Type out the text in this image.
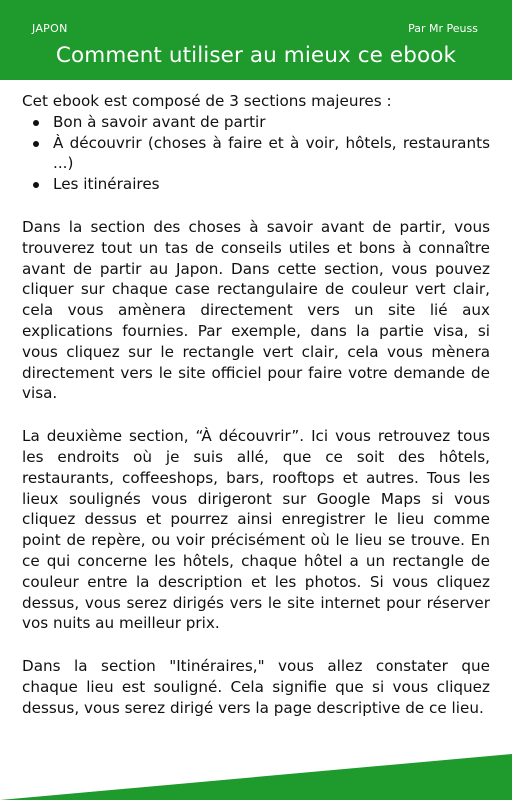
JAPON	Par Mr Peuss
Comment utiliser au mieux ce ebook

Cet ebook est composé de 3 sections majeures :

Bon à savoir avant de partir
À découvrir (choses à faire et à voir, hôtels, restaurants ...)
Les itinéraires

Dans la section des choses à savoir avant de partir, vous trouverez tout un tas de conseils utiles et bons à connaître avant de partir au Japon. Dans cette section, vous pouvez cliquer sur chaque case rectangulaire de couleur vert clair, cela vous amènera directement vers un site lié aux explications fournies. Par exemple, dans la partie visa, si vous cliquez sur le rectangle vert clair, cela vous mènera directement vers le site officiel pour faire votre demande de visa.

La deuxième section, “À découvrir”. Ici vous retrouvez tous les endroits où je suis allé, que ce soit des hôtels, restaurants, coffeeshops, bars, rooftops et autres. Tous les lieux soulignés vous dirigeront sur Google Maps si vous cliquez dessus et pourrez ainsi enregistrer le lieu comme point de repère, ou voir précisément où le lieu se trouve. En ce qui concerne les hôtels, chaque hôtel a un rectangle de couleur entre la description et les photos. Si vous cliquez dessus, vous serez dirigés vers le site internet pour réserver vos nuits au meilleur prix.

Dans la section "Itinéraires," vous allez constater que chaque lieu est souligné. Cela signifie que si vous cliquez dessus, vous serez dirigé vers la page descriptive de ce lieu.
